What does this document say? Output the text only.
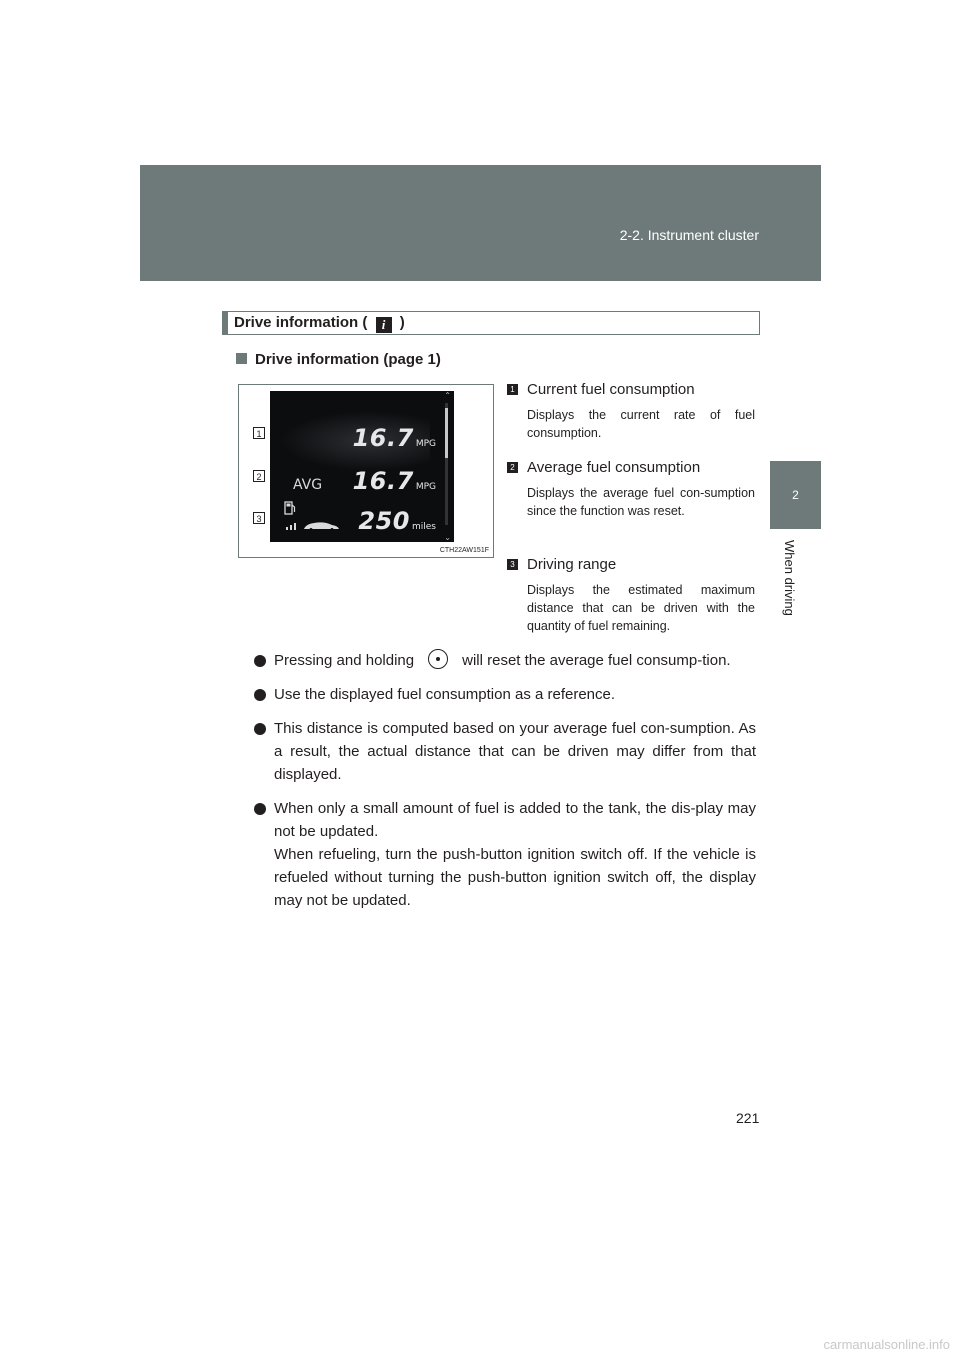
2-2. Instrument cluster
2
When driving
Drive information ( i )
Drive information (page 1)
1
2
3
⌃
⌄
16.7 MPG
AVG 16.7 MPG
250 miles
CTH22AW151F
1 Current fuel consumption
Displays the current rate of fuel consumption.
2 Average fuel consumption
Displays the average fuel con-sumption since the function was reset.
3 Driving range
Displays the estimated maximum distance that can be driven with the quantity of fuel remaining.
Pressing and holding	will reset the average fuel consump-tion.
Use the displayed fuel consumption as a reference.
This distance is computed based on your average fuel con-sumption. As a result, the actual distance that can be driven may differ from that displayed.
When only a small amount of fuel is added to the tank, the dis-play may not be updated.
When refueling, turn the push-button ignition switch off. If the vehicle is refueled without turning the push-button ignition switch off, the display may not be updated.
221
carmanualsonline.info
